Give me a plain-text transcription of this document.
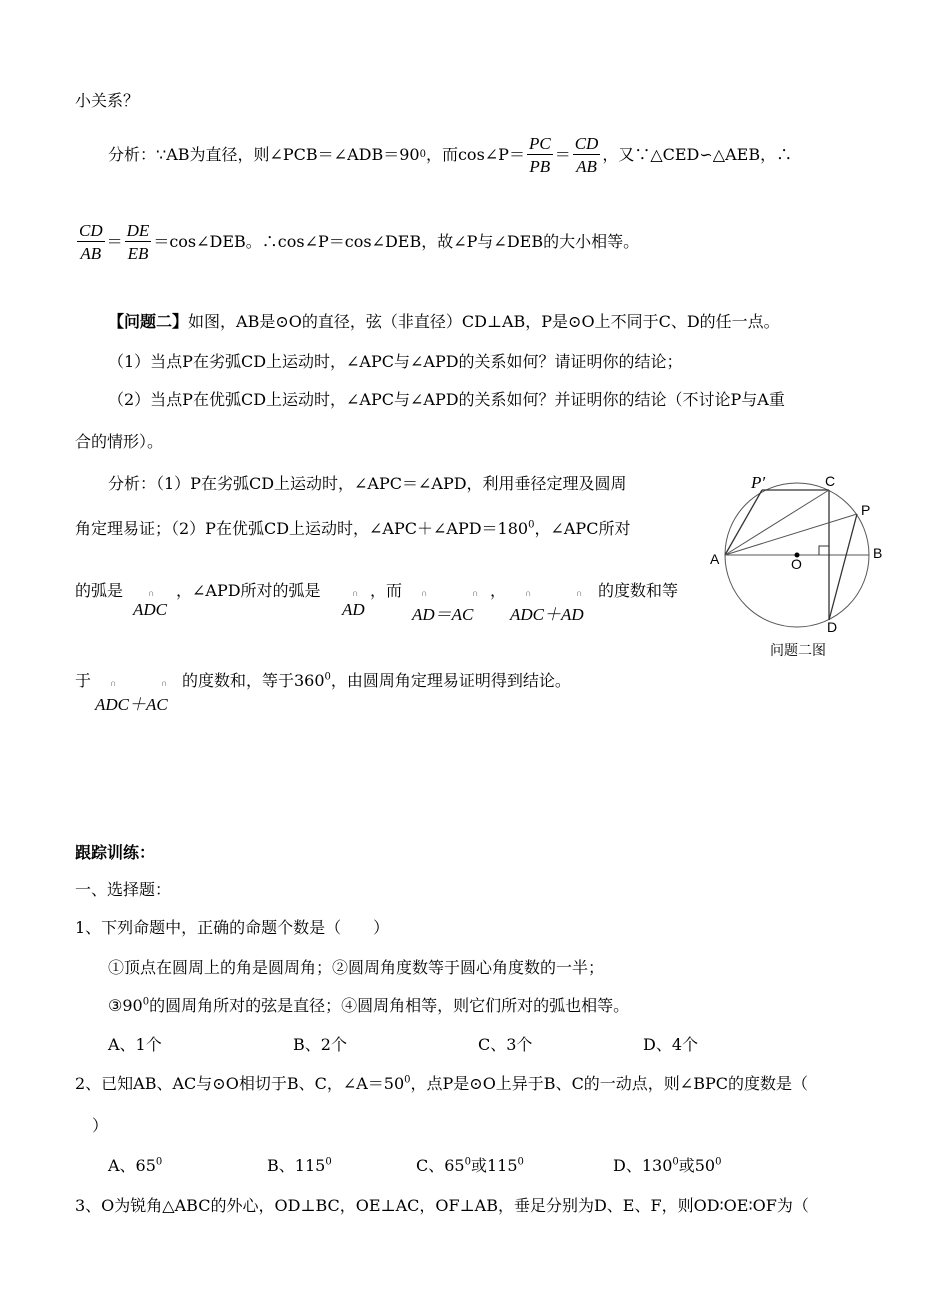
小关系？
分析： ∵AB为直径，则∠PCB＝∠ADB＝90 0 ，而cos∠P＝ $\frac{PC}{PB} = \frac{CD}{AB}$ ，又∵△CED∽△AEB，∴
$\frac{CD}{AB} = \frac{DE}{EB}$ ＝cos∠DEB。∴cos∠P＝cos∠DEB，故∠P与∠DEB的大小相等。
【问题二】如图，AB是⊙O的直径，弦（非直径）CD⊥AB，P是⊙O上不同于C、D的任一点。
（1）当点P在劣弧CD上运动时，∠APC与∠APD的关系如何？请证明你的结论；
（2）当点P在优弧CD上运动时，∠APC与∠APD的关系如何？并证明你的结论（不讨论P与A重
合的情形）。
分析：（1）P在劣弧CD上运动时，∠APC＝∠APD，利用垂径定理及圆周
角定理易证；（2）P在优弧CD上运动时，$\angle APC+\angle APD=180^0$，∠APC所对
的弧是	∩
ADC
，∠APD所对的弧是	∩
AD
，而 ∩	∩
AD＝AC
， ∩	∩
ADC＋AD
的度数和等
于 ∩	∩
ADC＋AC
的度数和，等于$360^0$，由圆周角定理易证明得到结论。
P′	C
P
A	O
B
D
问题二图
跟踪训练：
一、选择题：
1、下列命题中，正确的命题个数是（　　）
①顶点在圆周上的角是圆周角；②圆周角度数等于圆心角度数的一半；
$③90^0$的圆周角所对的弦是直径；④圆周角相等，则它们所对的弧也相等。
A、1个	B、2个	C、3个	D、4个
2、已知AB、AC与⊙O相切于B、C，$\angle A=50^0$，点P是⊙O上异于B、C的一动点，则∠BPC的度数是（
）
A、$65^0$	B、$115^0$	C、$65^0$或$115^0$	D、$130^0$或$50^0$
3、O为锐角△ABC的外心，OD⊥BC，OE⊥AC，OF⊥AB，垂足分别为D、E、F，则OD∶OE∶OF为（
